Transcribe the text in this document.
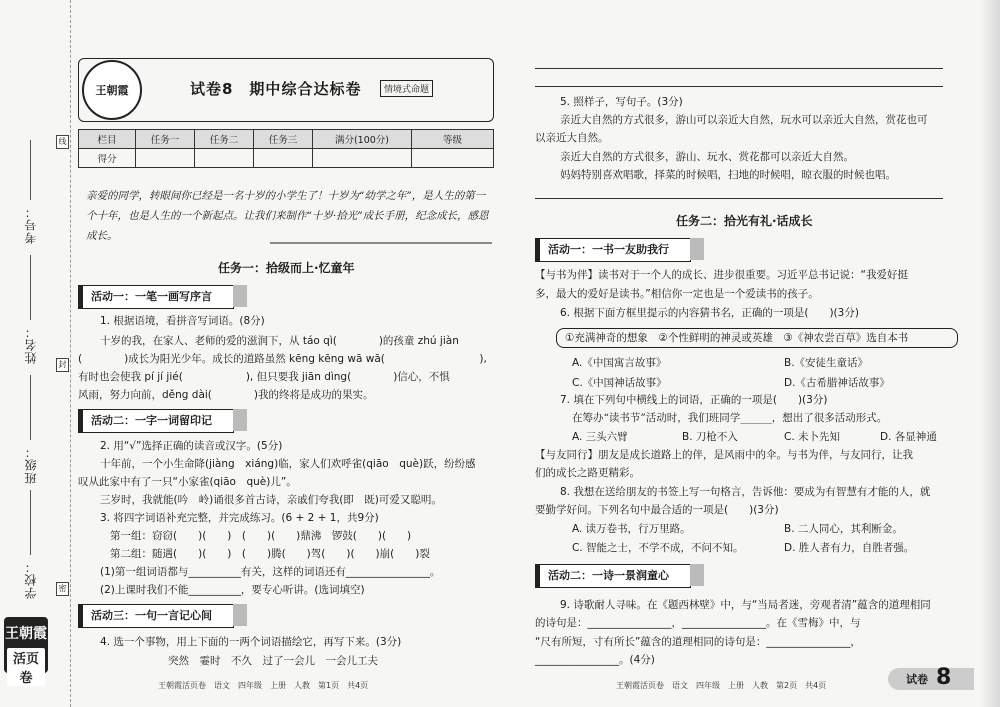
考号：
姓名：
班级：
学校：
线
封
密
王朝霞
活页卷
王朝霞	试卷8　期中综合达标卷	情境式命题
栏目	任务一	任务二	任务三	满分(100分)	等级
得分					
亲爱的同学，转眼间你已经是一名十岁的小学生了！十岁为“幼学之年”，是人生的第一个十年，也是人生的一个新起点。让我们来制作“十岁·拾光”成长手册，纪念成长，感恩成长。
任务一：拾级而上·忆童年
活动一：一笔一画写序言
1. 根据语境，看拼音写词语。(8分)
十岁的我，在家人、老师的爱的滋润下，从 táo qì(　　　　)的孩童 zhú jiàn
(　　　　)成长为阳光少年。成长的道路虽然 kēng kēng wā wā(　　　　　　　　　),
有时也会使我 pí jí jié(　　　　　　), 但只要我 jiān dìng(　　　　)信心，不惧
风雨，努力向前，děng dài(　　　　)我的终将是成功的果实。
活动二：一字一词留印记
2. 用“√”选择正确的读音或汉字。(5分)
十年前，一个小生命降(jiàng　xiáng)临，家人们欢呼雀(qiāo　què)跃，纷纷感
叹从此家中有了一只“小家雀(qiāo　què)儿”。
三岁时，我就能(吟　岭)诵很多首古诗，亲戚们夸我(即　既)可爱又聪明。
3. 将四字词语补充完整，并完成练习。(6 + 2 + 1，共9分)
第一组：窃窃(　　)(　　)　(　　)(　　)鼎沸　锣鼓(　　)(　　)
第二组：随遇(　　)(　　)　(　　)腾(　　)驾(　　)(　　)崩(　　)裂
(1)第一组词语都与__________有关，这样的词语还有________________。
(2)上课时我们不能__________，要专心听讲。(选词填空)
活动三：一句一言记心间
4. 选一个事物，用上下面的一两个词语描绘它，再写下来。(3分)
突然　霎时　不久　过了一会儿　一会儿工夫
王朝霞活页卷　语文　四年级　上册　人教　第1页　共4页
5. 照样子，写句子。(3分)
亲近大自然的方式很多，游山可以亲近大自然，玩水可以亲近大自然，赏花也可
以亲近大自然。
亲近大自然的方式很多，游山、玩水、赏花都可以亲近大自然。
妈妈特别喜欢唱歌，择菜的时候唱，扫地的时候唱，晾衣服的时候也唱。
任务二：拾光有礼·话成长
活动一：一书一友助我行
【与书为伴】读书对于一个人的成长、进步很重要。习近平总书记说：“我爱好挺
多，最大的爱好是读书。”相信你一定也是一个爱读书的孩子。
6. 根据下面方框里提示的内容猜书名，正确的一项是(　　)(3分)
①充满神奇的想象　②个性鲜明的神灵或英雄　③《神农尝百草》选自本书
A.《中国寓言故事》	B.《安徒生童话》
C.《中国神话故事》	D.《古希腊神话故事》
7. 填在下列句中横线上的词语，正确的一项是(　　)(3分)
在筹办“读书节”活动时，我们班同学______，想出了很多活动形式。
A. 三头六臂	B. 刀枪不入	C. 未卜先知	D. 各显神通
【与友同行】朋友是成长道路上的伴，是风雨中的伞。与书为伴，与友同行，让我
们的成长之路更精彩。
8. 我想在送给朋友的书签上写一句格言，告诉他：要成为有智慧有才能的人，就
要勤学好问。下列名句中最合适的一项是(　　)(3分)
A. 读万卷书，行万里路。	B. 二人同心，其利断金。
C. 智能之士，不学不成，不问不知。	D. 胜人者有力，自胜者强。
活动二：一诗一景润童心
9. 诗歌耐人寻味。在《题西林壁》中，与“当局者迷，旁观者清”蕴含的道理相同
的诗句是：________________，________________。在《雪梅》中，与
“尺有所短，寸有所长”蕴含的道理相同的诗句是：________________，
________________。(4分)
王朝霞活页卷　语文　四年级　上册　人教　第2页　共4页	试卷 8
